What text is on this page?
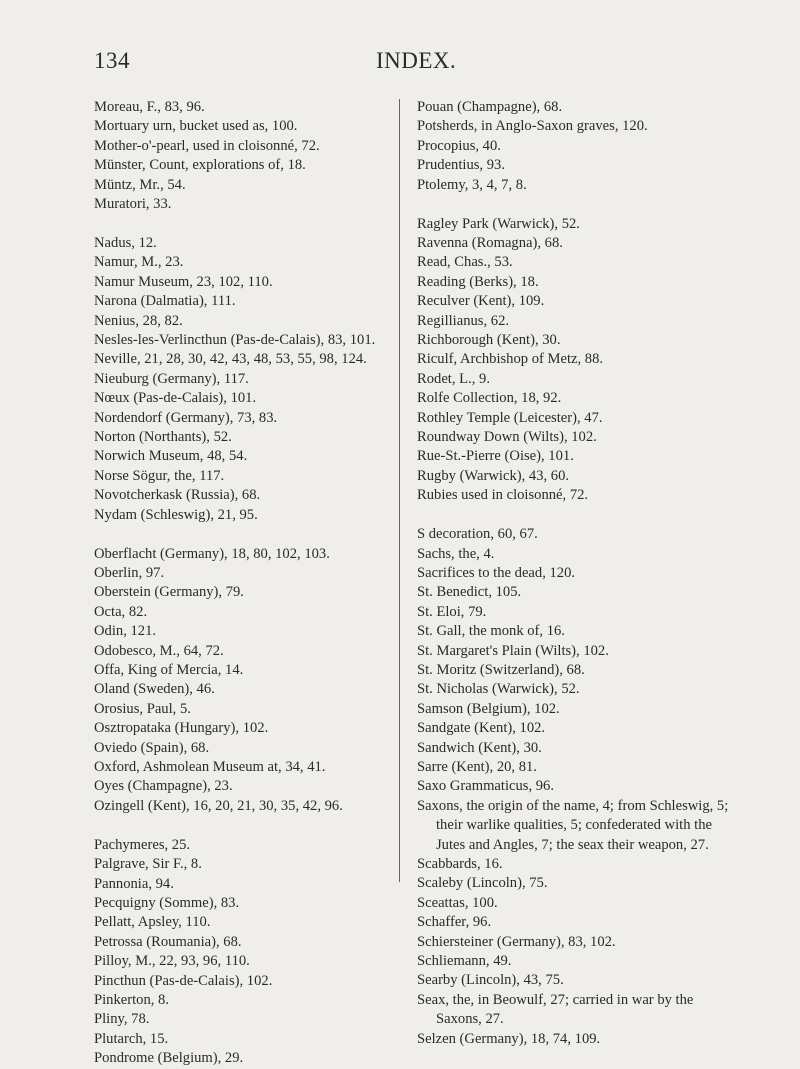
134	INDEX.
Moreau, F., 83, 96.
Mortuary urn, bucket used as, 100.
Mother-o'-pearl, used in cloisonné, 72.
Münster, Count, explorations of, 18.
Müntz, Mr., 54.
Muratori, 33.
Nadus, 12.
Namur, M., 23.
Namur Museum, 23, 102, 110.
Narona (Dalmatia), 111.
Nenius, 28, 82.
Nesles-les-Verlincthun (Pas-de-Calais), 83, 101.
Neville, 21, 28, 30, 42, 43, 48, 53, 55, 98, 124.
Nieuburg (Germany), 117.
Nœux (Pas-de-Calais), 101.
Nordendorf (Germany), 73, 83.
Norton (Northants), 52.
Norwich Museum, 48, 54.
Norse Sögur, the, 117.
Novotcherkask (Russia), 68.
Nydam (Schleswig), 21, 95.
Oberflacht (Germany), 18, 80, 102, 103.
Oberlin, 97.
Oberstein (Germany), 79.
Octa, 82.
Odin, 121.
Odobesco, M., 64, 72.
Offa, King of Mercia, 14.
Oland (Sweden), 46.
Orosius, Paul, 5.
Osztropataka (Hungary), 102.
Oviedo (Spain), 68.
Oxford, Ashmolean Museum at, 34, 41.
Oyes (Champagne), 23.
Ozingell (Kent), 16, 20, 21, 30, 35, 42, 96.
Pachymeres, 25.
Palgrave, Sir F., 8.
Pannonia, 94.
Pecquigny (Somme), 83.
Pellatt, Apsley, 110.
Petrossa (Roumania), 68.
Pilloy, M., 22, 93, 96, 110.
Pincthun (Pas-de-Calais), 102.
Pinkerton, 8.
Pliny, 78.
Plutarch, 15.
Pondrome (Belgium), 29.
Pouan (Champagne), 68.
Potsherds, in Anglo-Saxon graves, 120.
Procopius, 40.
Prudentius, 93.
Ptolemy, 3, 4, 7, 8.
Ragley Park (Warwick), 52.
Ravenna (Romagna), 68.
Read, Chas., 53.
Reading (Berks), 18.
Reculver (Kent), 109.
Regillianus, 62.
Richborough (Kent), 30.
Riculf, Archbishop of Metz, 88.
Rodet, L., 9.
Rolfe Collection, 18, 92.
Rothley Temple (Leicester), 47.
Roundway Down (Wilts), 102.
Rue-St.-Pierre (Oise), 101.
Rugby (Warwick), 43, 60.
Rubies used in cloisonné, 72.
S decoration, 60, 67.
Sachs, the, 4.
Sacrifices to the dead, 120.
St. Benedict, 105.
St. Eloi, 79.
St. Gall, the monk of, 16.
St. Margaret's Plain (Wilts), 102.
St. Moritz (Switzerland), 68.
St. Nicholas (Warwick), 52.
Samson (Belgium), 102.
Sandgate (Kent), 102.
Sandwich (Kent), 30.
Sarre (Kent), 20, 81.
Saxo Grammaticus, 96.
Saxons, the origin of the name, 4; from Schleswig, 5; their warlike qualities, 5; confederated with the Jutes and Angles, 7; the seax their weapon, 27.
Scabbards, 16.
Scaleby (Lincoln), 75.
Sceattas, 100.
Schaffer, 96.
Schiersteiner (Germany), 83, 102.
Schliemann, 49.
Searby (Lincoln), 43, 75.
Seax, the, in Beowulf, 27; carried in war by the Saxons, 27.
Selzen (Germany), 18, 74, 109.
